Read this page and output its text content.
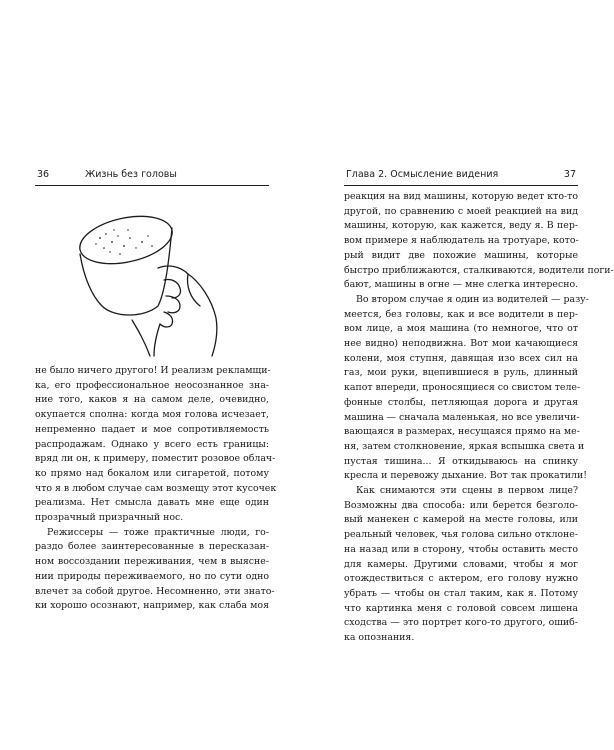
36	Жизнь без головы
не было ничего другого! И реализм рекламщи-
ка, его профессиональное неосознанное зна-
ние того, каков я на самом деле, очевидно,
окупается сполна: когда моя голова исчезает,
непременно падает и мое сопротивляемость
распродажам. Однако у всего есть границы:
вряд ли он, к примеру, поместит розовое облач-
ко прямо над бокалом или сигаретой, потому
что я в любом случае сам возмещу этот кусочек
реализма. Нет смысла давать мне еще один
прозрачный призрачный нос.
Режиссеры — тоже практичные люди, го-
раздо более заинтересованные в пересказан-
ном воссоздании переживания, чем в выясне-
нии природы переживаемого, но по сути одно
влечет за собой другое. Несомненно, эти знато-
ки хорошо осознают, например, как слаба моя
Глава 2. Осмысление видения	37
реакция на вид машины, которую ведет кто-то
другой, по сравнению с моей реакцией на вид
машины, которую, как кажется, веду я. В пер-
вом примере я наблюдатель на тротуаре, кото-
рый видит две похожие машины, которые
быстро приближаются, сталкиваются, водители поги-
бают, машины в огне — мне слегка интересно.
Во втором случае я один из водителей — разу-
меется, без головы, как и все водители в пер-
вом лице, а моя машина (то немногое, что от
нее видно) неподвижна. Вот мои качающиеся
колени, моя ступня, давящая изо всех сил на
газ, мои руки, вцепившиеся в руль, длинный
капот впереди, проносящиеся со свистом теле-
фонные столбы, петляющая дорога и другая
машина — сначала маленькая, но все увеличи-
вающаяся в размерах, несущаяся прямо на ме-
ня, затем столкновение, яркая вспышка света и
пустая тишина... Я откидываюсь на спинку
кресла и перевожу дыхание. Вот так прокатили!
Как снимаются эти сцены в первом лице?
Возможны два способа: или берется безголо-
вый манекен с камерой на месте головы, или
реальный человек, чья голова сильно отклоне-
на назад или в сторону, чтобы оставить место
для камеры. Другими словами, чтобы я мог
отождествиться с актером, его голову нужно
убрать — чтобы он стал таким, как я. Потому
что картинка меня с головой совсем лишена
сходства — это портрет кого-то другого, ошиб-
ка опознания.
